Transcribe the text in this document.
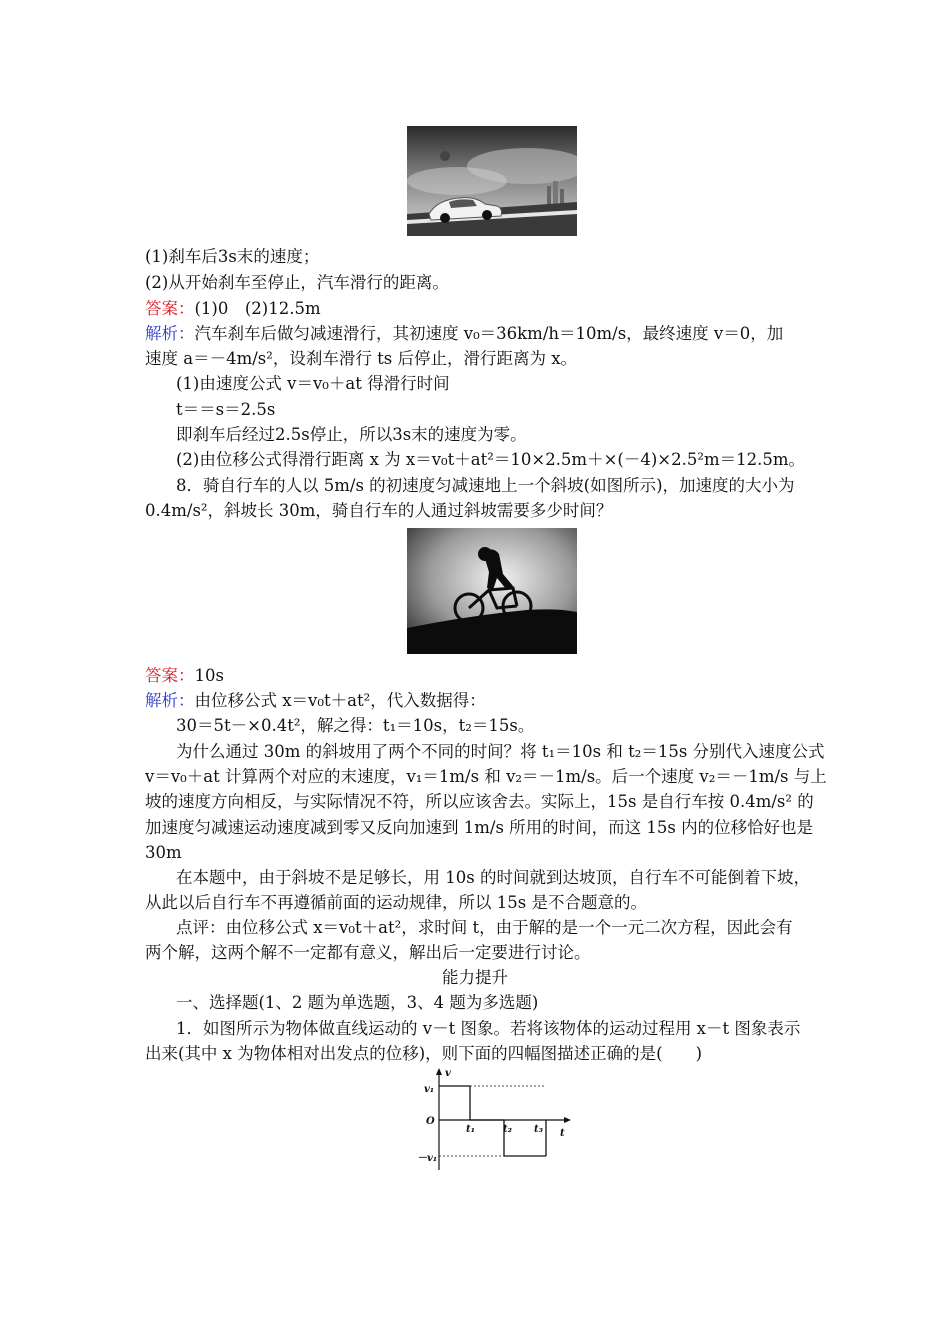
(1)刹车后3s末的速度；
(2)从开始刹车至停止，汽车滑行的距离。
答案：(1)0　(2)12.5m
解析：汽车刹车后做匀减速滑行，其初速度 v₀＝36km/h＝10m/s，最终速度 v＝0，加
速度 a＝－4m/s²，设刹车滑行 ts 后停止，滑行距离为 x。
(1)由速度公式 v＝v₀＋at 得滑行时间
t＝＝s＝2.5s
即刹车后经过2.5s停止，所以3s末的速度为零。
(2)由位移公式得滑行距离 x 为 x＝v₀t＋at²＝10×2.5m＋×(－4)×2.5²m＝12.5m。
8．骑自行车的人以 5m/s 的初速度匀减速地上一个斜坡(如图所示)，加速度的大小为
0.4m/s²，斜坡长 30m，骑自行车的人通过斜坡需要多少时间？
答案：10s
解析：由位移公式 x＝v₀t＋at²，代入数据得：
30＝5t－×0.4t²，解之得：t₁＝10s，t₂＝15s。
为什么通过 30m 的斜坡用了两个不同的时间？将 t₁＝10s 和 t₂＝15s 分别代入速度公式
v＝v₀＋at 计算两个对应的末速度，v₁＝1m/s 和 v₂＝－1m/s。后一个速度 v₂＝－1m/s 与上
坡的速度方向相反，与实际情况不符，所以应该舍去。实际上，15s 是自行车按 0.4m/s² 的
加速度匀减速运动速度减到零又反向加速到 1m/s 所用的时间，而这 15s 内的位移恰好也是
30m
在本题中，由于斜坡不是足够长，用 10s 的时间就到达坡顶，自行车不可能倒着下坡，
从此以后自行车不再遵循前面的运动规律，所以 15s 是不合题意的。
点评：由位移公式 x＝v₀t＋at²，求时间 t，由于解的是一个一元二次方程，因此会有
两个解，这两个解不一定都有意义，解出后一定要进行讨论。
能力提升
一、选择题(1、2 题为单选题，3、4 题为多选题)
1．如图所示为物体做直线运动的 v－t 图象。若将该物体的运动过程用 x－t 图象表示
出来(其中 x 为物体相对出发点的位移)，则下面的四幅图描述正确的是(　　)
v
t
v₁
O
－v₁
t₁	t₂ t₃
